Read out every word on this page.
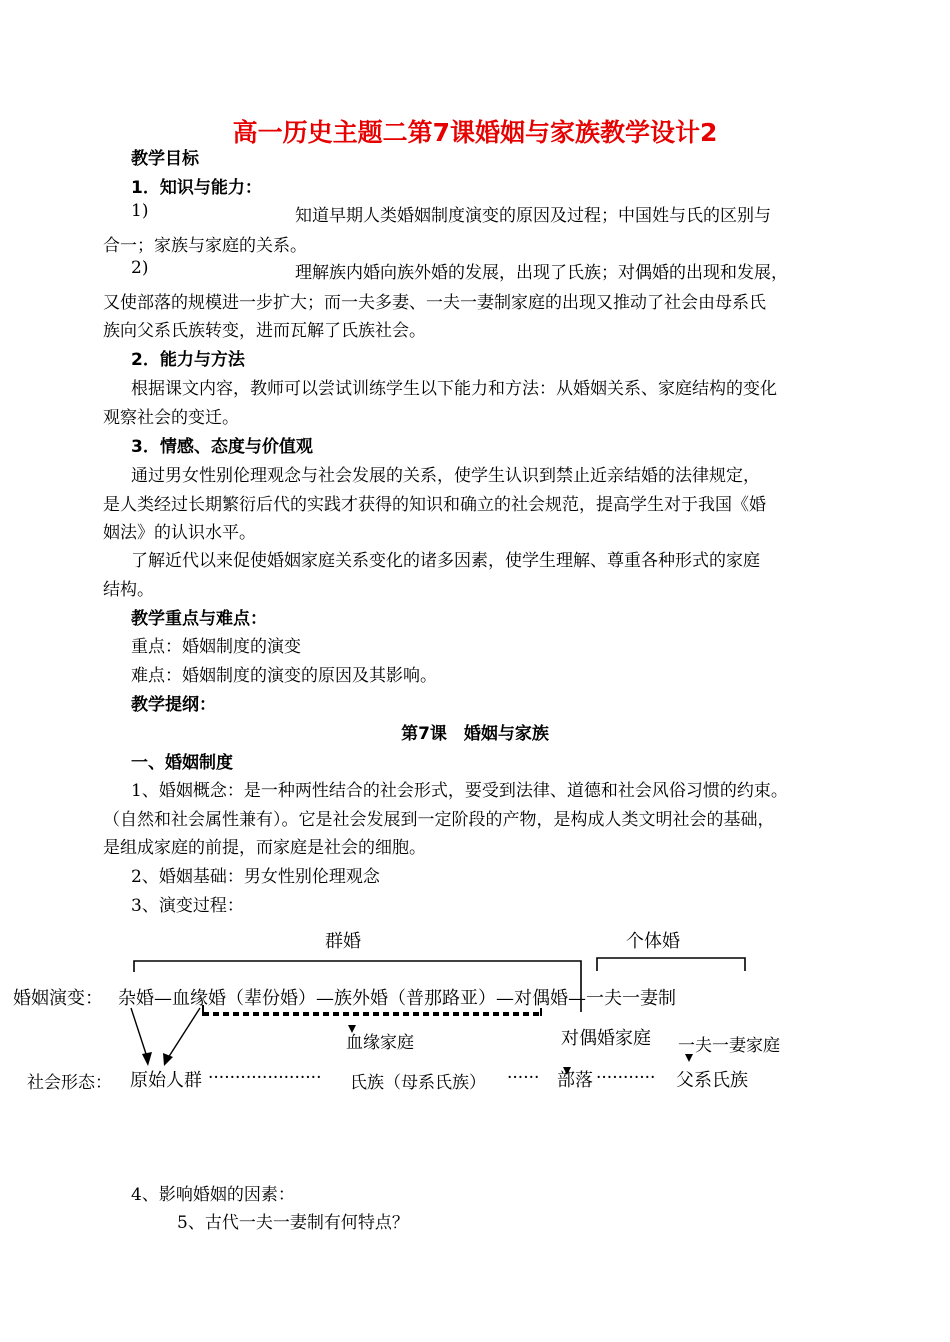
高一历史主题二第7课婚姻与家族教学设计2
教学目标
1．知识与能力：
1)	知道早期人类婚姻制度演变的原因及过程；中国姓与氏的区别与
合一；家族与家庭的关系。
2)	理解族内婚向族外婚的发展，出现了氏族；对偶婚的出现和发展，
又使部落的规模进一步扩大；而一夫多妻、一夫一妻制家庭的出现又推动了社会由母系氏
族向父系氏族转变，进而瓦解了氏族社会。
2．能力与方法
根据课文内容，教师可以尝试训练学生以下能力和方法：从婚姻关系、家庭结构的变化
观察社会的变迁。
3．情感、态度与价值观
通过男女性别伦理观念与社会发展的关系，使学生认识到禁止近亲结婚的法律规定，
是人类经过长期繁衍后代的实践才获得的知识和确立的社会规范，提高学生对于我国《婚
姻法》的认识水平。
了解近代以来促使婚姻家庭关系变化的诸多因素，使学生理解、尊重各种形式的家庭
结构。
教学重点与难点：
重点：婚姻制度的演变
难点：婚姻制度的演变的原因及其影响。
教学提纲：
第7课　婚姻与家族
一、婚姻制度
1、婚姻概念：是一种两性结合的社会形式，要受到法律、道德和社会风俗习惯的约束。
（自然和社会属性兼有）。它是社会发展到一定阶段的产物，是构成人类文明社会的基础，
是组成家庭的前提，而家庭是社会的细胞。
2、婚姻基础：男女性别伦理观念
3、演变过程：
群婚	个体婚
婚姻演变： 杂婚—血缘婚（辈份婚）—族外婚（普那路亚）—对偶婚—一夫一妻制
血缘家庭	对偶婚家庭 一夫一妻家庭
社会形态： 原始人群 ····················· 氏族（母系氏族） ······ 部落 ··········· 父系氏族
4、影响婚姻的因素：
5、古代一夫一妻制有何特点？
